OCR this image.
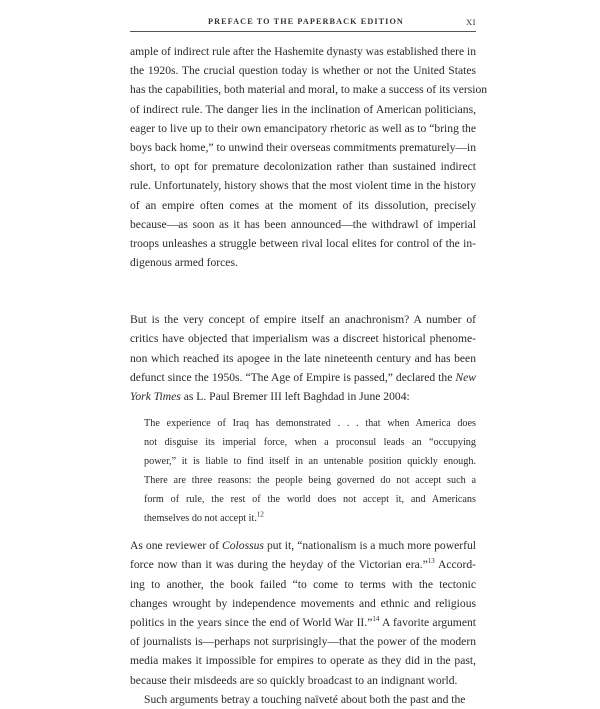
PREFACE TO THE PAPERBACK EDITION	XI
ample of indirect rule after the Hashemite dynasty was established there in
the 1920s. The crucial question today is whether or not the United States
has the capabilities, both material and moral, to make a success of its version
of indirect rule. The danger lies in the inclination of American politicians,
eager to live up to their own emancipatory rhetoric as well as to “bring the
boys back home,” to unwind their overseas commitments prematurely—in
short, to opt for premature decolonization rather than sustained indirect
rule. Unfortunately, history shows that the most violent time in the history
of an empire often comes at the moment of its dissolution, precisely
because—as soon as it has been announced—the withdrawl of imperial
troops unleashes a struggle between rival local elites for control of the in-
digenous armed forces.
But is the very concept of empire itself an anachronism? A number of
critics have objected that imperialism was a discreet historical phenome-
non which reached its apogee in the late nineteenth century and has been
defunct since the 1950s. “The Age of Empire is passed,” declared the New
York Times as L. Paul Bremer III left Baghdad in June 2004:
The experience of Iraq has demonstrated . . . that when America does
not disguise its imperial force, when a proconsul leads an “occupying
power,” it is liable to find itself in an untenable position quickly enough.
There are three reasons: the people being governed do not accept such a
form of rule, the rest of the world does not accept it, and Americans
themselves do not accept it.$^{12}$
As one reviewer of Colossus put it, “nationalism is a much more powerful
force now than it was during the heyday of the Victorian era.”$^{13}$ Accord-
ing to another, the book failed “to come to terms with the tectonic
changes wrought by independence movements and ethnic and religious
politics in the years since the end of World War II.”$^{14}$ A favorite argument
of journalists is—perhaps not surprisingly—that the power of the modern
media makes it impossible for empires to operate as they did in the past,
because their misdeeds are so quickly broadcast to an indignant world.
Such arguments betray a touching naïveté about both the past and the
